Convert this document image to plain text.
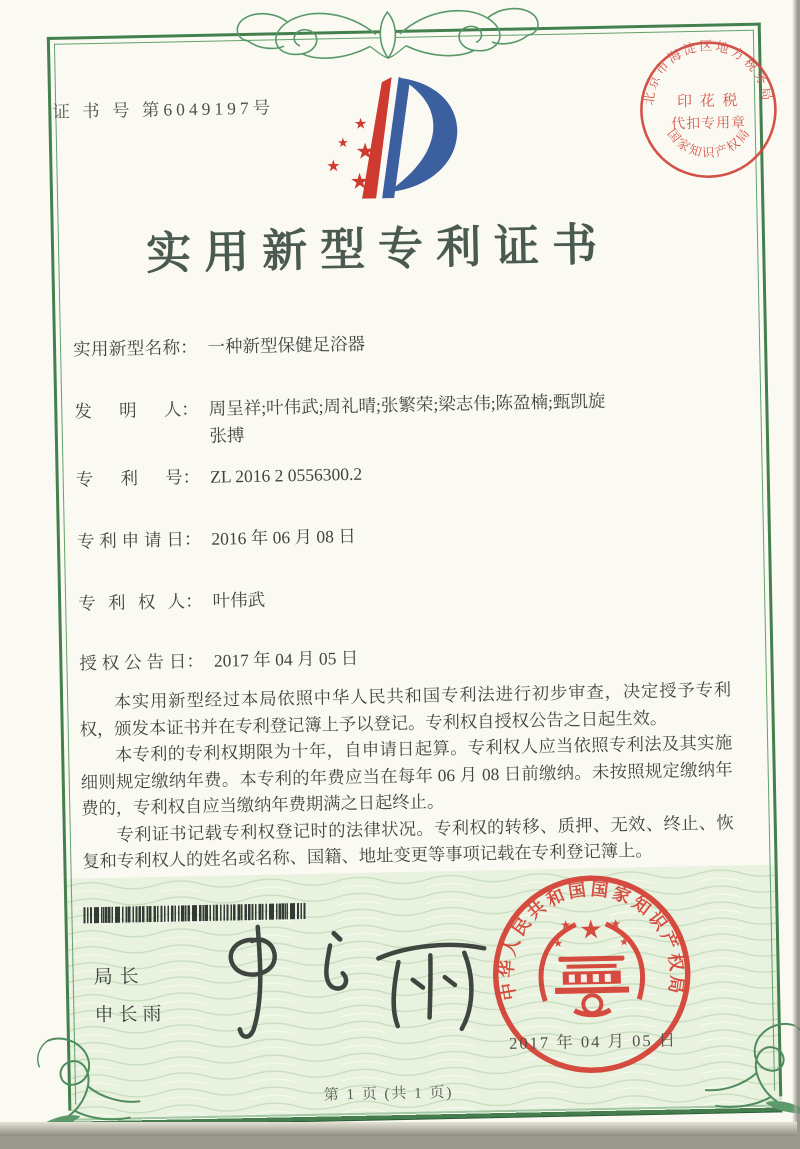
证 书 号 第6049197号
★
★ ★
★
★
北京市海淀区地方税务局
国家知识产权局
印 花 税
代扣专用章
实用新型专利证书
实用新型名称 ： 一种新型保健足浴器
发明人 ： 周呈祥;叶伟武;周礼晴;张繁荣;梁志伟;陈盈楠;甄凯旋
张搏
专利号 ： ZL 2016 2 0556300.2
专利申请日 ： 2016 年 06 月 08 日
专利权人 ： 叶伟武
授权公告日 ： 2017 年 04 月 05 日

本实用新型经过本局依照中华人民共和国专利法进行初步审查，决定授予专利权，颁发本证书并在专利登记簿上予以登记。专利权自授权公告之日起生效。

本专利的专利权期限为十年，自申请日起算。专利权人应当依照专利法及其实施细则规定缴纳年费。本专利的年费应当在每年 06 月 08 日前缴纳。未按照规定缴纳年费的，专利权自应当缴纳年费期满之日起终止。

专利证书记载专利权登记时的法律状况。专利权的转移、质押、无效、终止、恢复和专利权人的姓名或名称、国籍、地址变更等事项记载在专利登记簿上。

局长
申长雨
中华人民共和国国家知识产权局
★
★	★
★	★
2017 年 04 月 05 日
第 1 页 (共 1 页)
